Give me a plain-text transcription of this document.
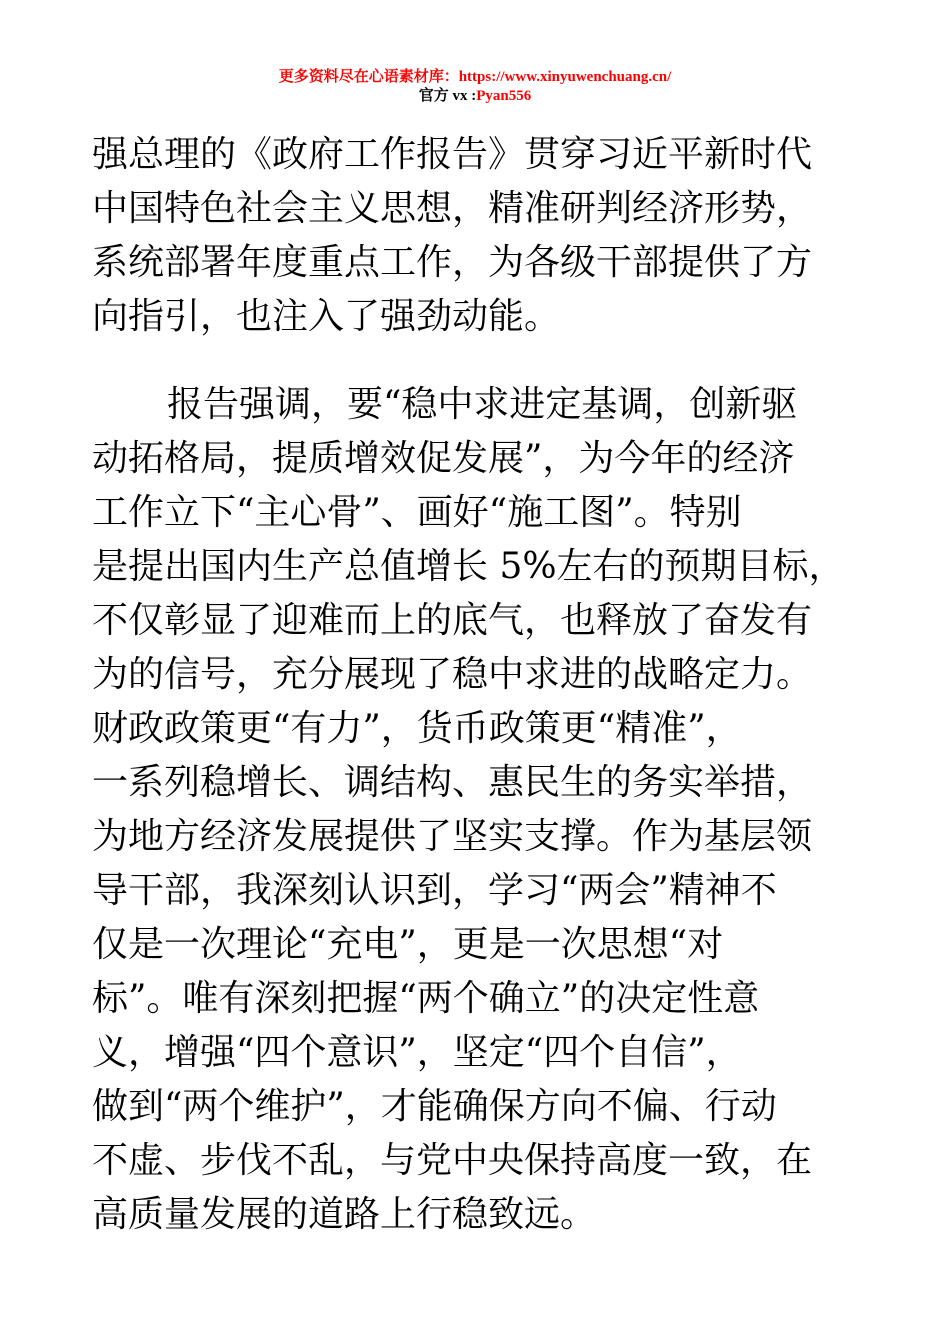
更多资料尽在心语素材库：https://www.xinyuwenchuang.cn/
官方 vx :Pyan556
强总理的《政府工作报告》贯穿习近平新时代
中国特色社会主义思想，精准研判经济形势，
系统部署年度重点工作，为各级干部提供了方
向指引，也注入了强劲动能。
报告强调，要“稳中求进定基调，创新驱
动拓格局，提质增效促发展”，为今年的经济
工作立下“主心骨”、画好“施工图”。特别
是提出国内生产总值增长 5%左右的预期目标，
不仅彰显了迎难而上的底气，也释放了奋发有
为的信号，充分展现了稳中求进的战略定力。
财政政策更“有力”，货币政策更“精准”，
一系列稳增长、调结构、惠民生的务实举措，
为地方经济发展提供了坚实支撑。作为基层领
导干部，我深刻认识到，学习“两会”精神不
仅是一次理论“充电”，更是一次思想“对
标”。唯有深刻把握“两个确立”的决定性意
义，增强“四个意识”，坚定“四个自信”，
做到“两个维护”，才能确保方向不偏、行动
不虚、步伐不乱，与党中央保持高度一致，在
高质量发展的道路上行稳致远。
